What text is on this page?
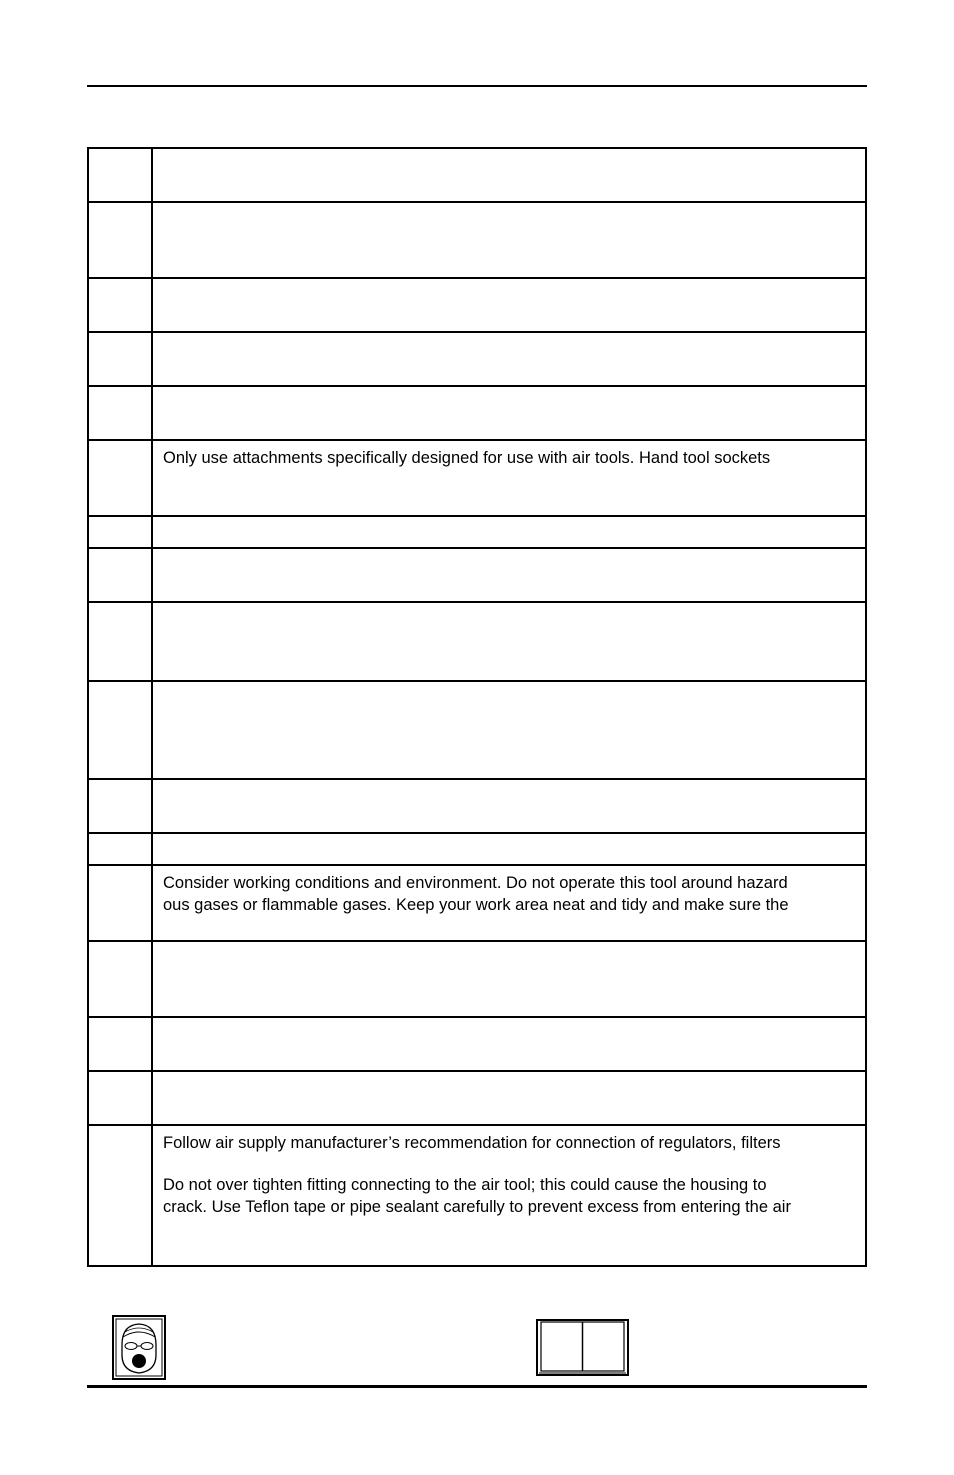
	Only use attachments specifically designed for use with air tools. Hand tool sockets

	Consider working conditions and environment. Do not operate this tool around hazard
ous gases or flammable gases. Keep your work area neat and tidy and make sure the

	Follow air supply manufacturer’s recommendation for connection of regulators, filters
Do not over tighten fitting connecting to the air tool; this could cause the housing to
crack. Use Teflon tape or pipe sealant carefully to prevent excess from entering the air
